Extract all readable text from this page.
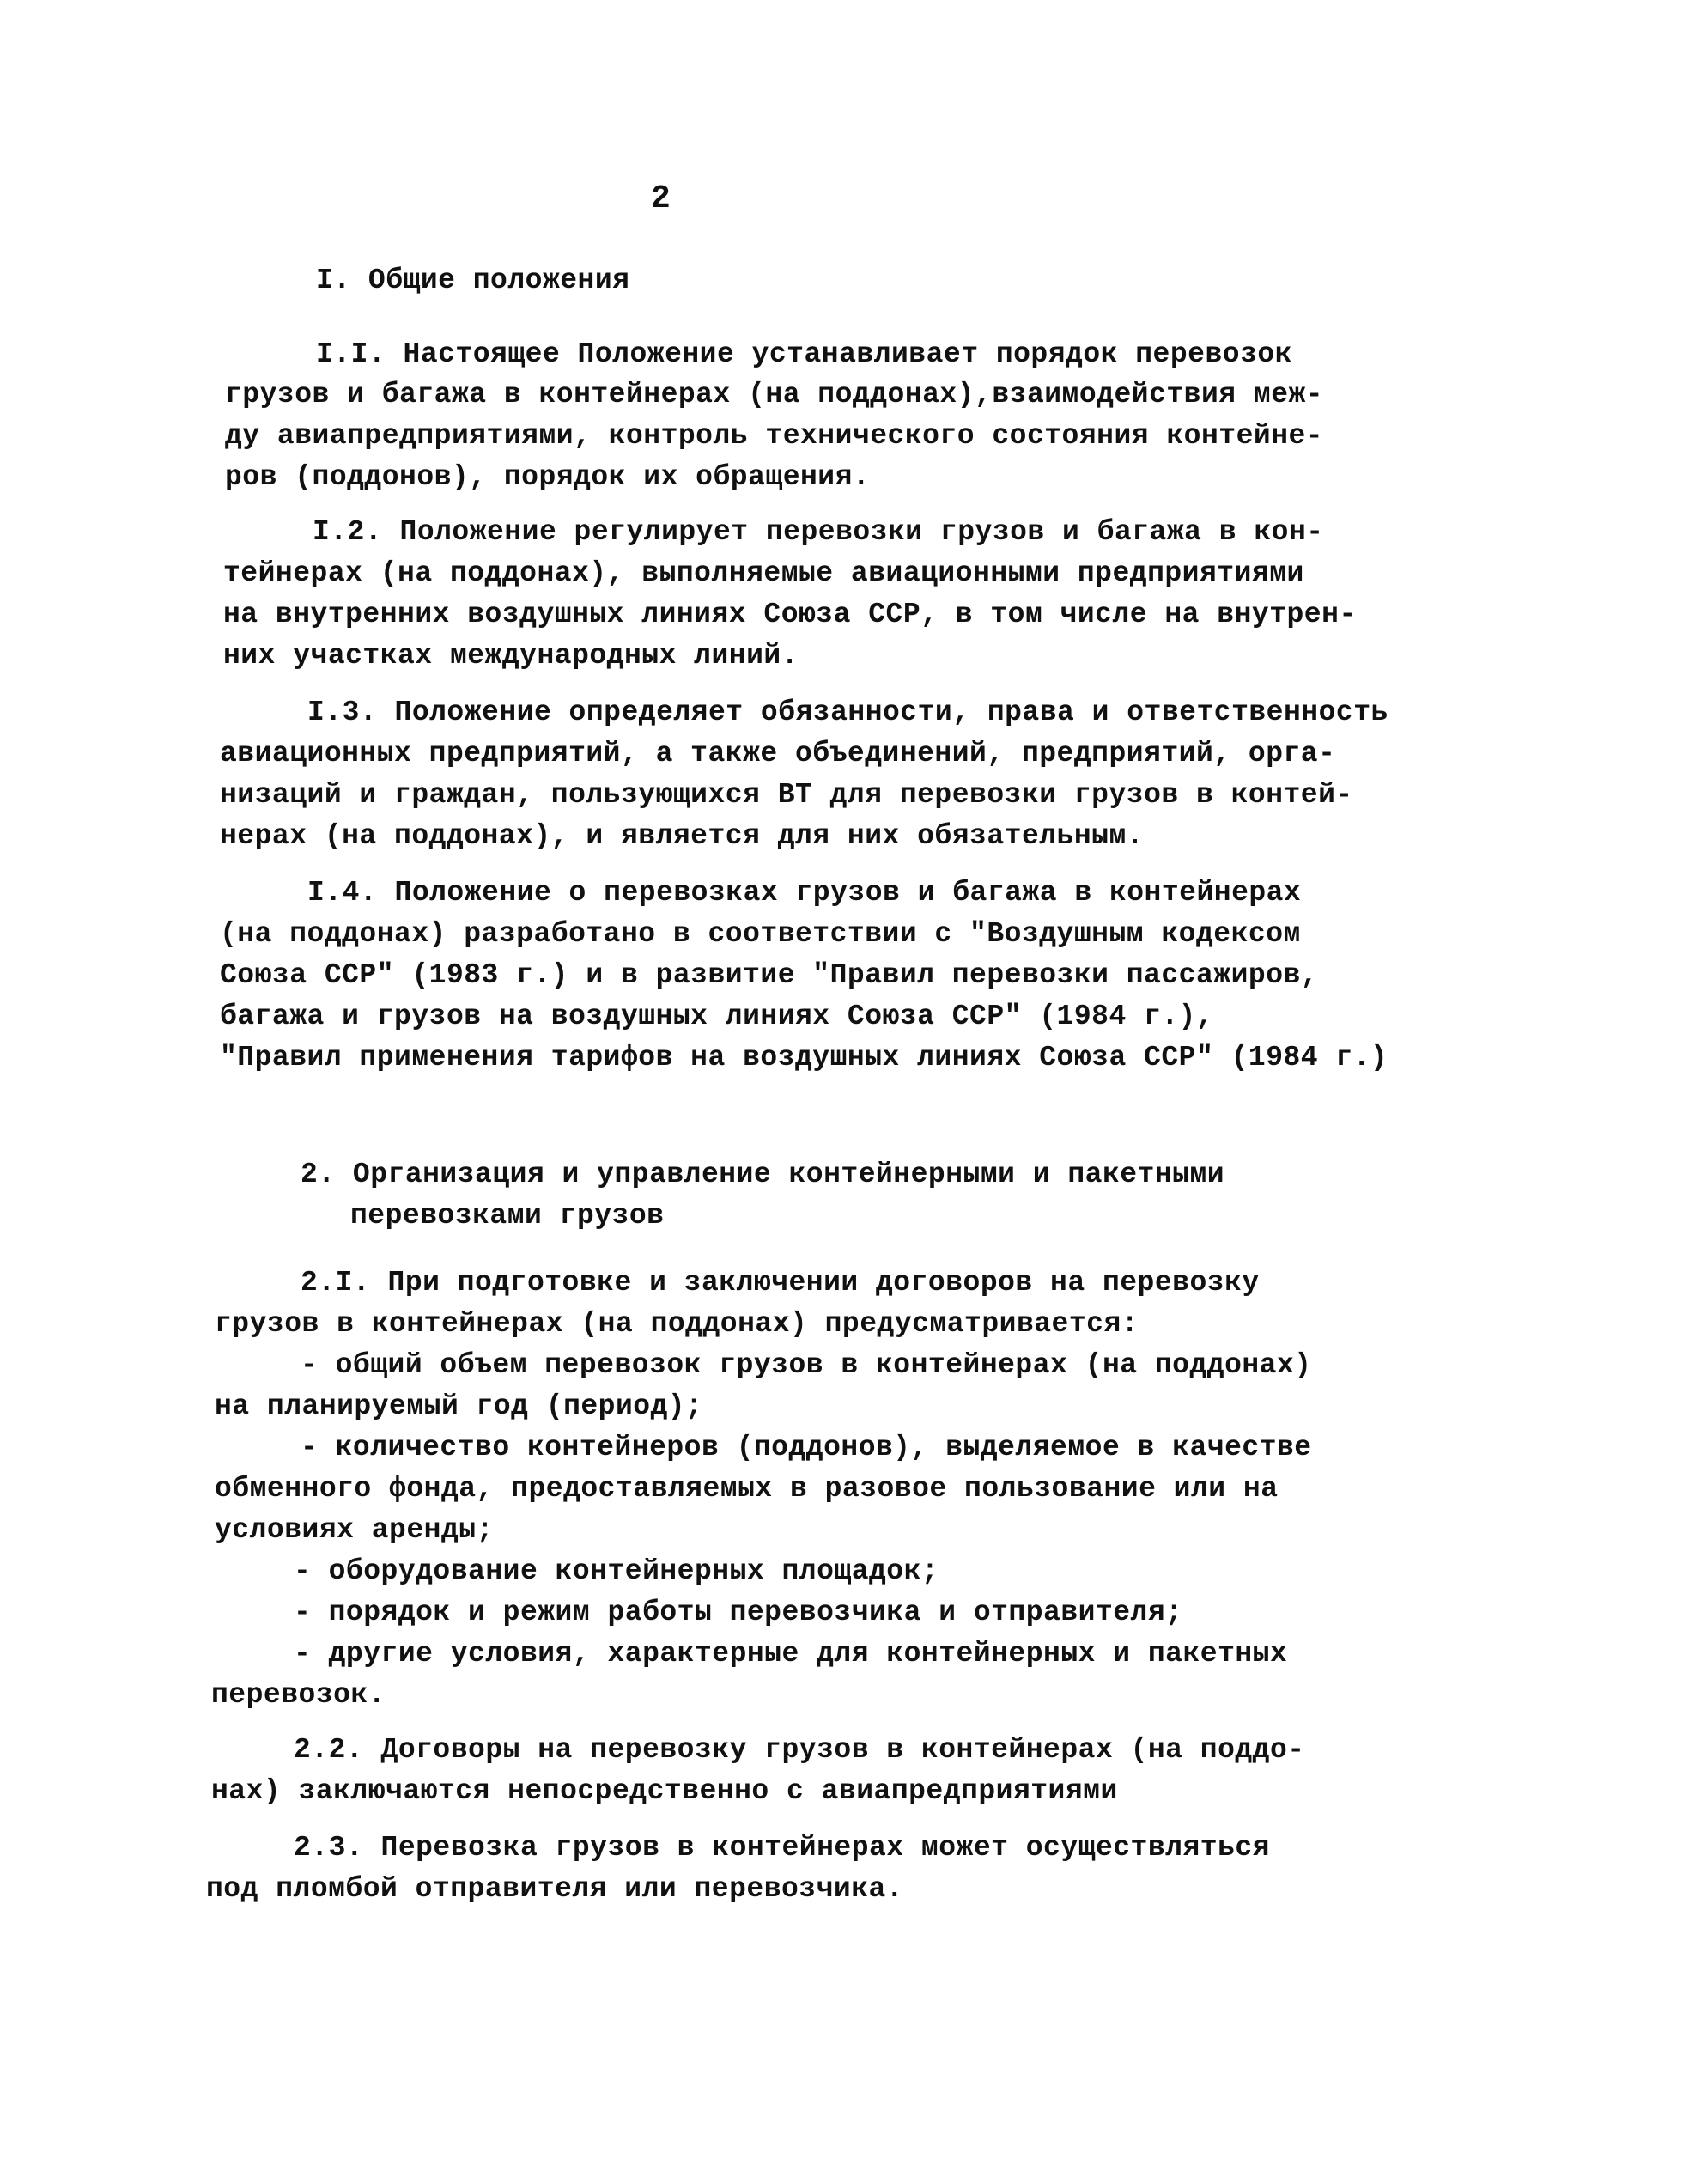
2
I. Общие положения
I.I. Настоящее Положение устанавливает порядок перевозок
грузов и багажа в контейнерах (на поддонах),взаимодействия меж-
ду авиапредприятиями, контроль технического состояния контейне-
ров (поддонов), порядок их обращения.
I.2. Положение регулирует перевозки грузов и багажа в кон-
тейнерах (на поддонах), выполняемые авиационными предприятиями
на внутренних воздушных линиях Союза ССР, в том числе на внутрен-
них участках международных линий.
I.3. Положение определяет обязанности, права и ответственность
авиационных предприятий, а также объединений, предприятий, орга-
низаций и граждан, пользующихся ВТ для перевозки грузов в контей-
нерах (на поддонах), и является для них обязательным.
I.4. Положение о перевозках грузов и багажа в контейнерах
(на поддонах) разработано в соответствии с "Воздушным кодексом
Союза ССР" (1983 г.) и в развитие "Правил перевозки пассажиров,
багажа и грузов на воздушных линиях Союза ССР" (1984 г.),
"Правил применения тарифов на воздушных линиях Союза ССР" (1984 г.)
2. Организация и управление контейнерными и пакетными
перевозками грузов
2.I. При подготовке и заключении договоров на перевозку
грузов в контейнерах (на поддонах) предусматривается:
- общий объем перевозок грузов в контейнерах (на поддонах)
на планируемый год (период);
- количество контейнеров (поддонов), выделяемое в качестве
обменного фонда, предоставляемых в разовое пользование или на
условиях аренды;
- оборудование контейнерных площадок;
- порядок и режим работы перевозчика и отправителя;
- другие условия, характерные для контейнерных и пакетных
перевозок.
2.2. Договоры на перевозку грузов в контейнерах (на поддо-
нах) заключаются непосредственно с авиапредприятиями
2.3. Перевозка грузов в контейнерах может осуществляться
под пломбой отправителя или перевозчика.
